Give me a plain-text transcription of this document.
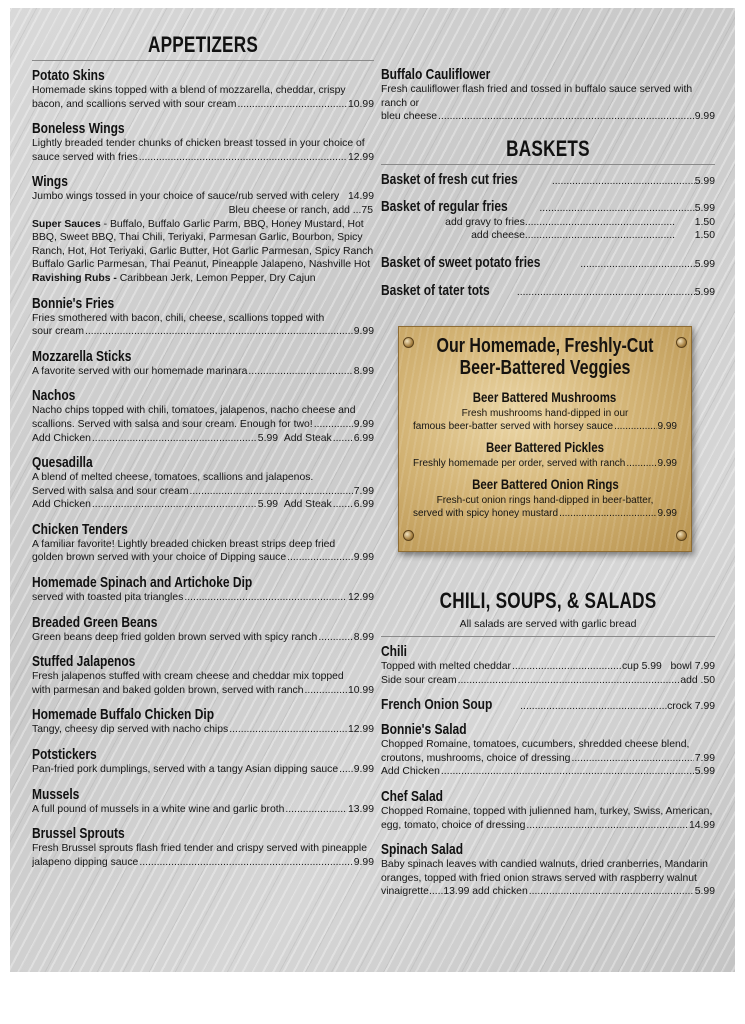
APPETIZERS
Potato Skins
Homemade skins topped with a blend of mozzarella, cheddar, crispy
bacon, and scallions served with sour cream .....	10.99
Boneless Wings
Lightly breaded tender chunks of chicken breast tossed in your choice of
sauce served with fries .....	12.99
Wings
Jumbo wings tossed in your choice of sauce/rub served with celery 14.99
Bleu cheese or ranch, add ...75
Super Sauces - Buffalo, Buffalo Garlic Parm, BBQ, Honey Mustard, Hot BBQ, Sweet BBQ, Thai Chili, Teriyaki, Parmesan Garlic, Bourbon, Spicy Ranch, Hot, Hot Teriyaki, Garlic Butter, Hot Garlic Parmesan, Spicy Ranch Buffalo Garlic Parmesan, Thai Peanut, Pineapple Jalapeno, Nashville Hot
Ravishing Rubs - Caribbean Jerk, Lemon Pepper, Dry Cajun
Bonnie's Fries
Fries smothered with bacon, chili, cheese, scallions topped with
sour cream .....	9.99
Mozzarella Sticks
A favorite served with our homemade marinara .....	8.99
Nachos
Nacho chips topped with chili, tomatoes, jalapenos, nacho cheese and
scallions. Served with salsa and sour cream. Enough for two! .....	9.99
Add Chicken .....	5.99
Add Steak ..... 6.99
Quesadilla
A blend of melted cheese, tomatoes, scallions and jalapenos.
Served with salsa and sour cream .....	7.99
Add Chicken .....	5.99
Add Steak ..... 6.99
Chicken Tenders
A familiar favorite! Lightly breaded chicken breast strips deep fried
golden brown served with your choice of Dipping sauce .....	9.99
Homemade Spinach and Artichoke Dip
served with toasted pita triangles .....	12.99
Breaded Green Beans
Green beans deep fried golden brown served with spicy ranch .....	8.99
Stuffed Jalapenos
Fresh jalapenos stuffed with cream cheese and cheddar mix topped
with parmesan and baked golden brown, served with ranch .....	10.99
Homemade Buffalo Chicken Dip
Tangy, cheesy dip served with nacho chips .....	12.99
Potstickers
Pan-fried pork dumplings, served with a tangy Asian dipping sauce ..... 9.99
Mussels
A full pound of mussels in a white wine and garlic broth .....	13.99
Brussel Sprouts
Fresh Brussel sprouts flash fried tender and crispy served with pineapple
jalapeno dipping sauce .....	9.99
Buffalo Cauliflower
Fresh cauliflower flash fried and tossed in buffalo sauce served with ranch or
bleu cheese .....	9.99
BASKETS
Basket of fresh cut fries .....	5.99
Basket of regular fries .....	5.99
add gravy to fries .....	1.50
add cheese .....	1.50
Basket of sweet potato fries .....	5.99
Basket of tater tots .....	5.99
CHILI, SOUPS, & SALADS
All salads are served with garlic bread
Chili
Topped with melted cheddar .....	cup 5.99
bowl 7.99
Side sour cream .....	add .50
French Onion Soup .....	crock 7.99
Bonnie's Salad
Chopped Romaine, tomatoes, cucumbers, shredded cheese blend,
croutons, mushrooms, choice of dressing .....	7.99
Add Chicken .....	5.99
Chef Salad
Chopped Romaine, topped with julienned ham, turkey, Swiss, American,
egg, tomato, choice of dressing .....	14.99
Spinach Salad
Baby spinach leaves with candied walnuts, dried cranberries, Mandarin
oranges, topped with fried onion straws served with raspberry walnut
vinaigrette.....13.99 add chicken .....	5.99
Our Homemade, Freshly-Cut
Beer-Battered Veggies
Beer Battered Mushrooms
Fresh mushrooms hand-dipped in our
famous beer-batter served with horsey sauce .....	9.99
Beer Battered Pickles
Freshly homemade per order, served with ranch .....	9.99
Beer Battered Onion Rings
Fresh-cut onion rings hand-dipped in beer-batter,
served with spicy honey mustard .....	9.99
